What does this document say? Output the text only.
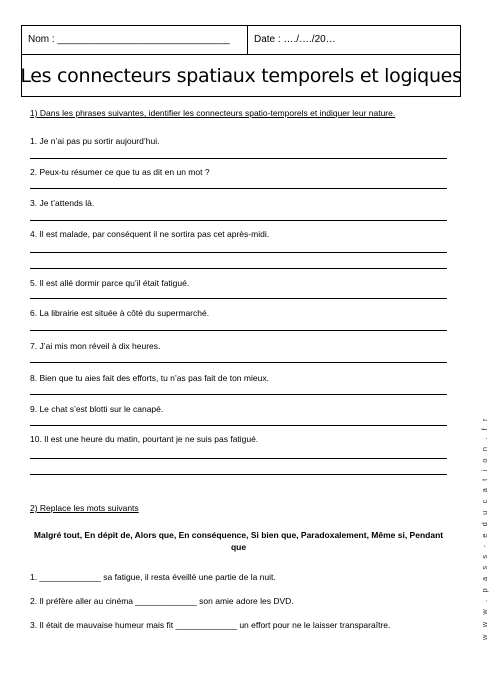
Nom : _______________________________	Date : …./…./20…
Les connecteurs spatiaux temporels et logiques
1) Dans les phrases suivantes, identifier les connecteurs spatio-temporels et indiquer leur nature.
1. Je n’ai pas pu sortir aujourd’hui.
2. Peux-tu résumer ce que tu as dit en un mot ?
3. Je t’attends là.
4. Il est malade, par conséquent il ne sortira pas cet après-midi.
5. Il est allé dormir parce qu’il était fatigué.
6. La librairie est située à côté du supermarché.
7. J’ai mis mon réveil à dix heures.
8. Bien que tu aies fait des efforts, tu n’as pas fait de ton mieux.
9. Le chat s’est blotti sur le canapé.
10. Il est une heure du matin, pourtant je ne suis pas fatigué.
2) Replace les mots suivants
Malgré tout, En dépit de, Alors que, En conséquence, Si bien que, Paradoxalement, Même si, Pendant que
1. _____________ sa fatigue, il resta éveillé une partie de la nuit.
2. Il préfère aller au cinéma _____________ son amie adore les DVD.
3. Il était de mauvaise humeur mais fit _____________ un effort pour ne le laisser transparaître.	w w w . p a s s - e d u c a t i o n . f r
